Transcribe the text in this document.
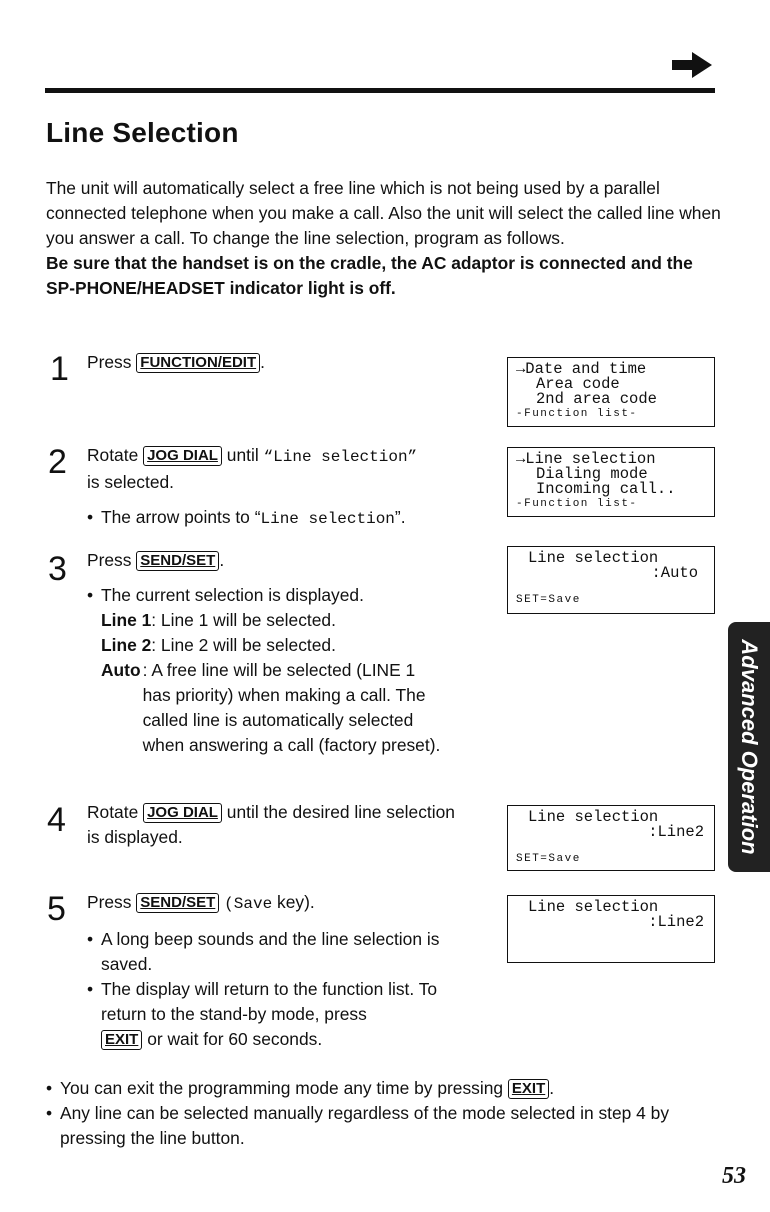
Line Selection
The unit will automatically select a free line which is not being used by a parallel connected telephone when you make a call. Also the unit will select the called line when you answer a call. To change the line selection, program as follows.
Be sure that the handset is on the cradle, the AC adaptor is connected and the SP-PHONE/HEADSET indicator light is off.
1 Press FUNCTION/EDIT .
2 Rotate JOG DIAL until “Line selection”
is selected.
• The arrow points to “Line selection”.
3 Press SEND/SET .
• The current selection is displayed.
Line 1: Line 1 will be selected.
Line 2: Line 2 will be selected.
Auto : A free line will be selected (LINE 1 has priority) when making a call. The called line is automatically selected when answering a call (factory preset).
4 Rotate JOG DIAL until the desired line selection is displayed.
5 Press SEND/SET (Save key).
• A long beep sounds and the line selection is saved.
• The display will return to the function list. To return to the stand-by mode, press
EXIT or wait for 60 seconds.
→Date and time
Area code
2nd area code
-Function list-
→Line selection
Dialing mode
Incoming call..
-Function list-
Line selection
:Auto
SET=Save
Line selection
:Line2
SET=Save
Line selection
:Line2
Advanced Operation
• You can exit the programming mode any time by pressing EXIT .
• Any line can be selected manually regardless of the mode selected in step 4 by pressing the line button.
53
